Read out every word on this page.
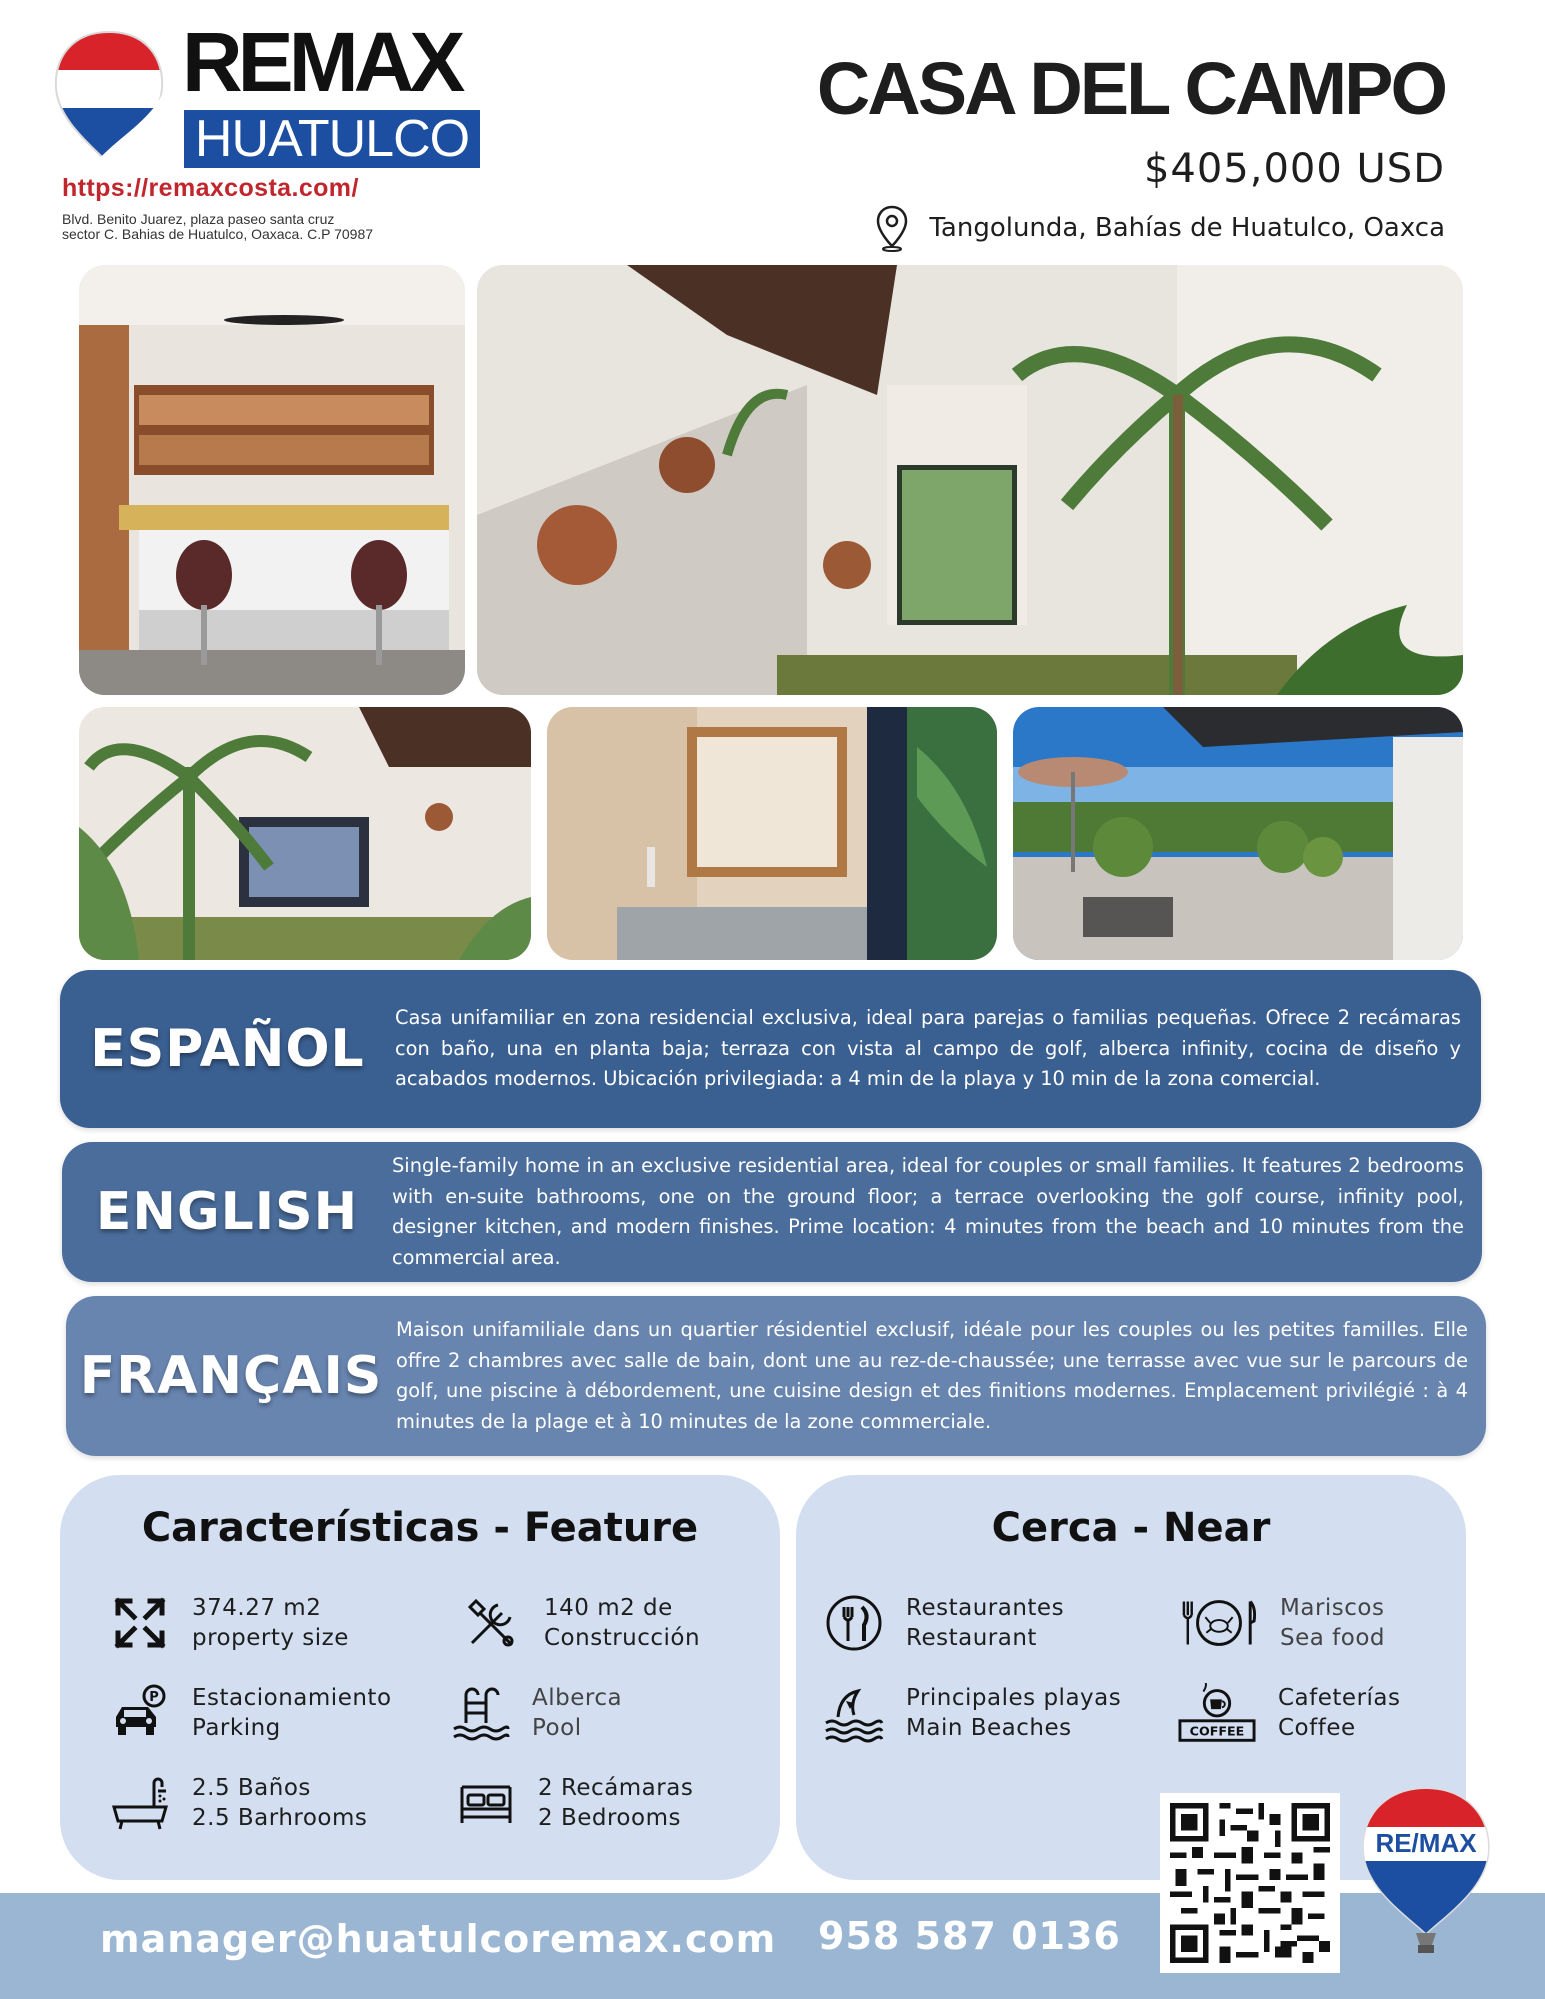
REMAX
HUATULCO
https://remaxcosta.com/
Blvd. Benito Juarez, plaza paseo santa cruz
sector C. Bahias de Huatulco, Oaxaca. C.P 70987
CASA DEL CAMPO
$405,000 USD
Tangolunda, Bahías de Huatulco, Oaxca
ESPAÑOL
Casa unifamiliar en zona residencial exclusiva, ideal para parejas o familias pequeñas. Ofrece 2 recámaras con baño, una en planta baja; terraza con vista al campo de golf, alberca infinity, cocina de diseño y acabados modernos. Ubicación privilegiada: a 4 min de la playa y 10 min de la zona comercial.
ENGLISH
Single-family home in an exclusive residential area, ideal for couples or small families. It features 2 bedrooms with en-suite bathrooms, one on the ground floor; a terrace overlooking the golf course, infinity pool, designer kitchen, and modern finishes. Prime location: 4 minutes from the beach and 10 minutes from the commercial area.
FRANÇAIS
Maison unifamiliale dans un quartier résidentiel exclusif, idéale pour les couples ou les petites familles. Elle offre 2 chambres avec salle de bain, dont une au rez-de-chaussée; une terrasse avec vue sur le parcours de golf, une piscine à débordement, une cuisine design et des finitions modernes. Emplacement privilégié : à 4 minutes de la plage et à 10 minutes de la zone commerciale.
Características - Feature
374.27 m2
property size
140 m2 de
Construcción
P Estacionamiento
Parking
Alberca
Pool
2.5 Baños
2.5 Barhrooms
2 Recámaras
2 Bedrooms
Cerca - Near
Restaurantes
Restaurant
Mariscos
Sea food
Principales playas
Main Beaches	COFFEE
Cafeterías
Coffee
manager@huatulcoremax.com 958 587 0136
RE/MAX
